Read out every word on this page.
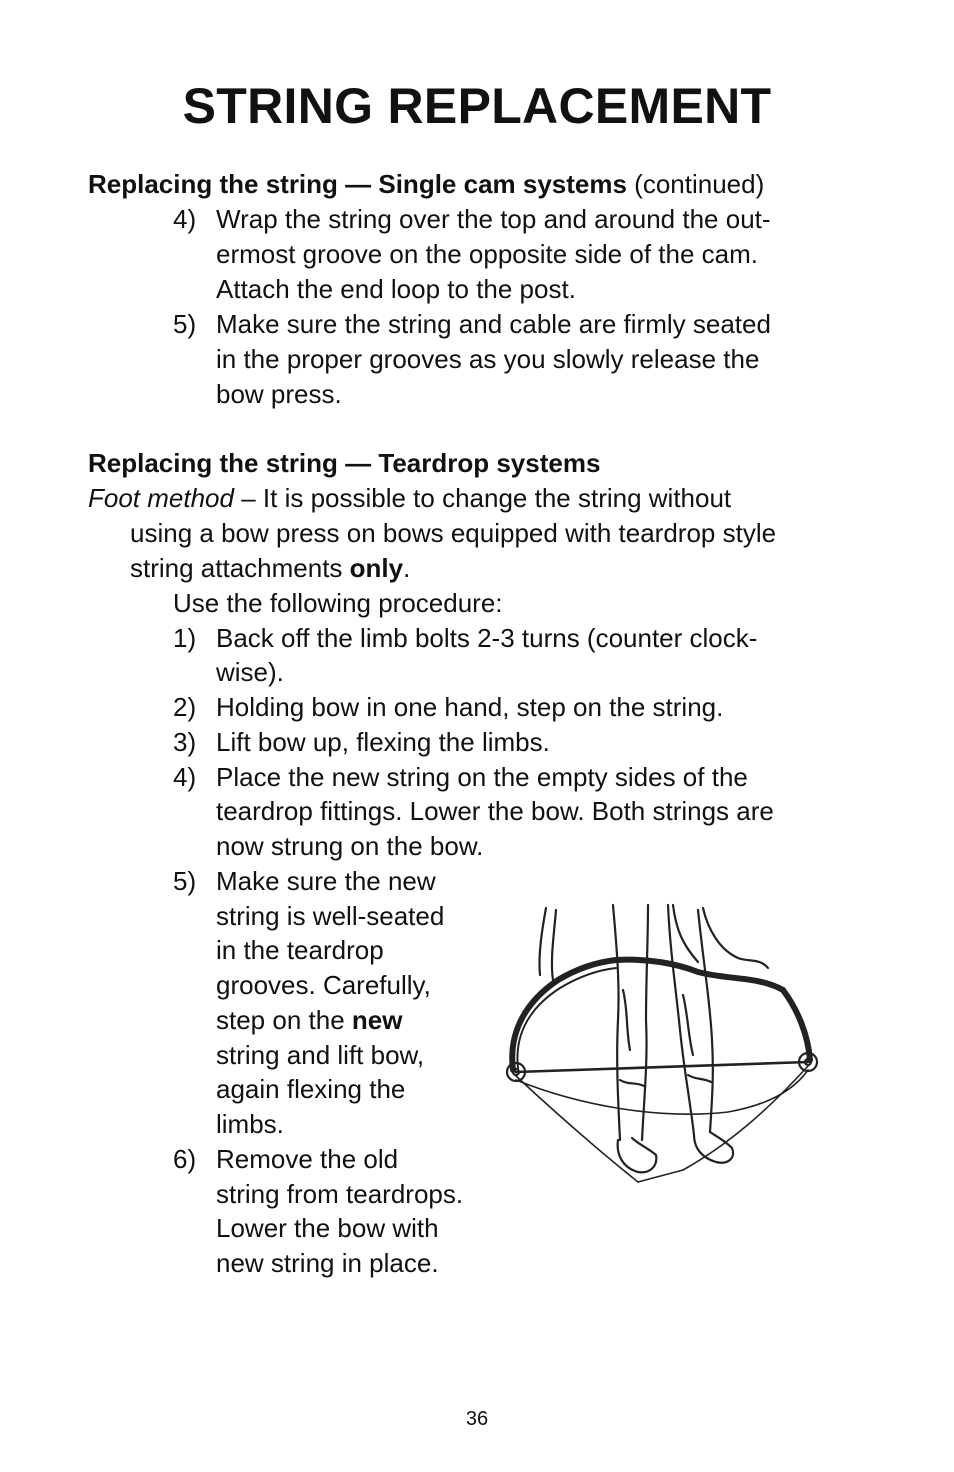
STRING REPLACEMENT
Replacing the string — Single cam systems (continued)
4) Wrap the string over the top and around the out-
ermost groove on the opposite side of the cam.
Attach the end loop to the post.
5) Make sure the string and cable are firmly seated
in the proper grooves as you slowly release the
bow press.
Replacing the string — Teardrop systems
Foot method – It is possible to change the string without
using a bow press on bows equipped with teardrop style
string attachments only.
Use the following procedure:
1) Back off the limb bolts 2-3 turns (counter clock-
wise).
2) Holding bow in one hand, step on the string.
3) Lift bow up, flexing the limbs.
4) Place the new string on the empty sides of the
teardrop fittings. Lower the bow. Both strings are
now strung on the bow.
5) Make sure the new
string is well-seated
in the teardrop
grooves. Carefully,
step on the new
string and lift bow,
again flexing the
limbs.
6) Remove the old
string from teardrops.
Lower the bow with
new string in place.
36
